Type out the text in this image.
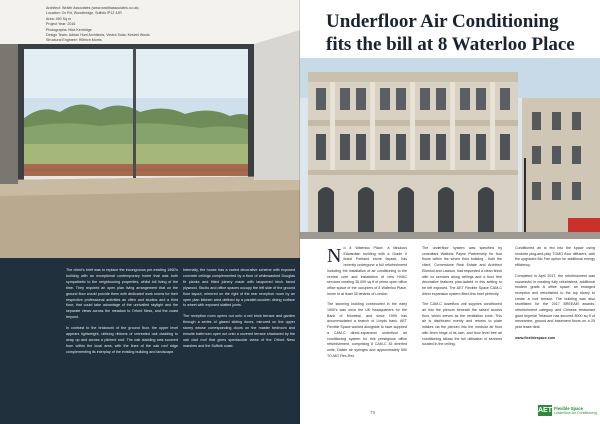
Architect: Wraith Associates (www.wraithassociates.co.uk)
Location: Ox Rd, Woodbridge, Suffolk IP12 4JR
Area: 450 Sq m
Project Year: 2016
Photographs: Nick Kentridge
Design Team: Adrian Hunt Architects, Vectra Solar, Kestrel Wools
Structural Engineer: Hilbrich Morris

The client's brief was to replace the incongruous pre-existing 1960's building with an exceptional contemporary home that was both sympathetic to the neighbouring properties, whilst full living of the time. They required an open plan living arrangement that on the ground floor would provide them with dedicated work rooms for their respective professional activities as often and studios and a third floor, that could take advantage of the unrivalled skylight and the separate views across the meadow to Orford Ness, and the coast beyond.

In contrast to the brickwork of the ground floor, the upper level appears lightweight, utilising ribbons of untreated oak cladding to wrap up and across a pitched roof. The oak cladding was sourced from within the local area, with the lines of the oak roof ridge complementing its interplay of the existing building and landscape.

Internally, the house has a varied decorative scheme with exposed concrete ceilings complemented by a floor of whitewashed Douglas fir planks and fitted joinery made with lacquered birch faced plywood. Studio and office spaces occupy the left side of the ground floor layout, mirrored on the right of the rear reception room by an open plan kitchen area defined by a parallel-wooden dining surface to wheel with exposed slatted joints.

The reception room opens out onto a red brick terrace and garden through a series of glazed sliding doors, mirrored on the upper storey whose corresponding doors on the master bedroom and ensuite bathroom open out onto a covered terrace shadowed by the oak clad roof that gives spectacular views of the Orford Ness marshes and the Suffolk coast.

Underfloor Air Conditioning
fits the bill at 8 Waterloo Place

No 8 Waterloo Place, a fabulous Edwardian building with a Grade II listed Portland stone façade, has recently undergone a full refurbishment including the installation of air conditioning to the central core and installation of new HVAC services creating 35,000 sq ft of prime open office office space of the occupiers of 8 Waterloo Place, home to at least 35 tenants of London.

The stunning building constructed in the early 1900's was once the UK headquarters for the Bank of Montreal, and since 1995 has accommodated a branch of Lloyds bank. AET Flexible Space worked alongside to have supplied a CAM-C direct-expansion underfloor air conditioning system for this prestigious office refurbishment, comprising 8 CAM-C 35 diverted units, Daikin air syringes and approximately 500 TO-MO Flex-Rex

The underfloor system was specified by consultant Watkins Payne Partnership for four floors within the seven floor building - both the client, Cornerstone Real Estate and Architect Ellwood and Lawson, had requested a clean finish with no services along ceilings and a floor free decorative features plan-lacked in this setting to be left exposed. The AET Flexible Space CAM-C direct expansion system fitted this brief perfectly.

The CAM-C downflow unit supplies conditioned air into the plenum beneath the raised access floor, which serves as the ventilation zone. This air is distributed evenly and returns to plate intakes via the plenum into the modular air floor with 8mm hinge of its own, and floor level free air conditioning allows the full utilisation of services located in the ceiling.

Conditioned air is fed into the space using modular plug-and-play TOMO floor diffusers, with the upgraded Bio Fan option for additional energy efficiency.

Completed in April 2017, the refurbishment was successful in creating fully refurbished, additional modern grade A office space, an enlarged reception and refurbished to the top storey to create a roof terrace. The building was also shortlisted for the 2017 BREEAM awards, refurbishment category and Chinese restaurant giant Imperial Treasure has secured 8000 sq ft of mezzanine, ground and basement floors on a 25 year lease deal.

www.flexiblespace.com

73	AET Flexible Space
Underfloor Air Conditioning
